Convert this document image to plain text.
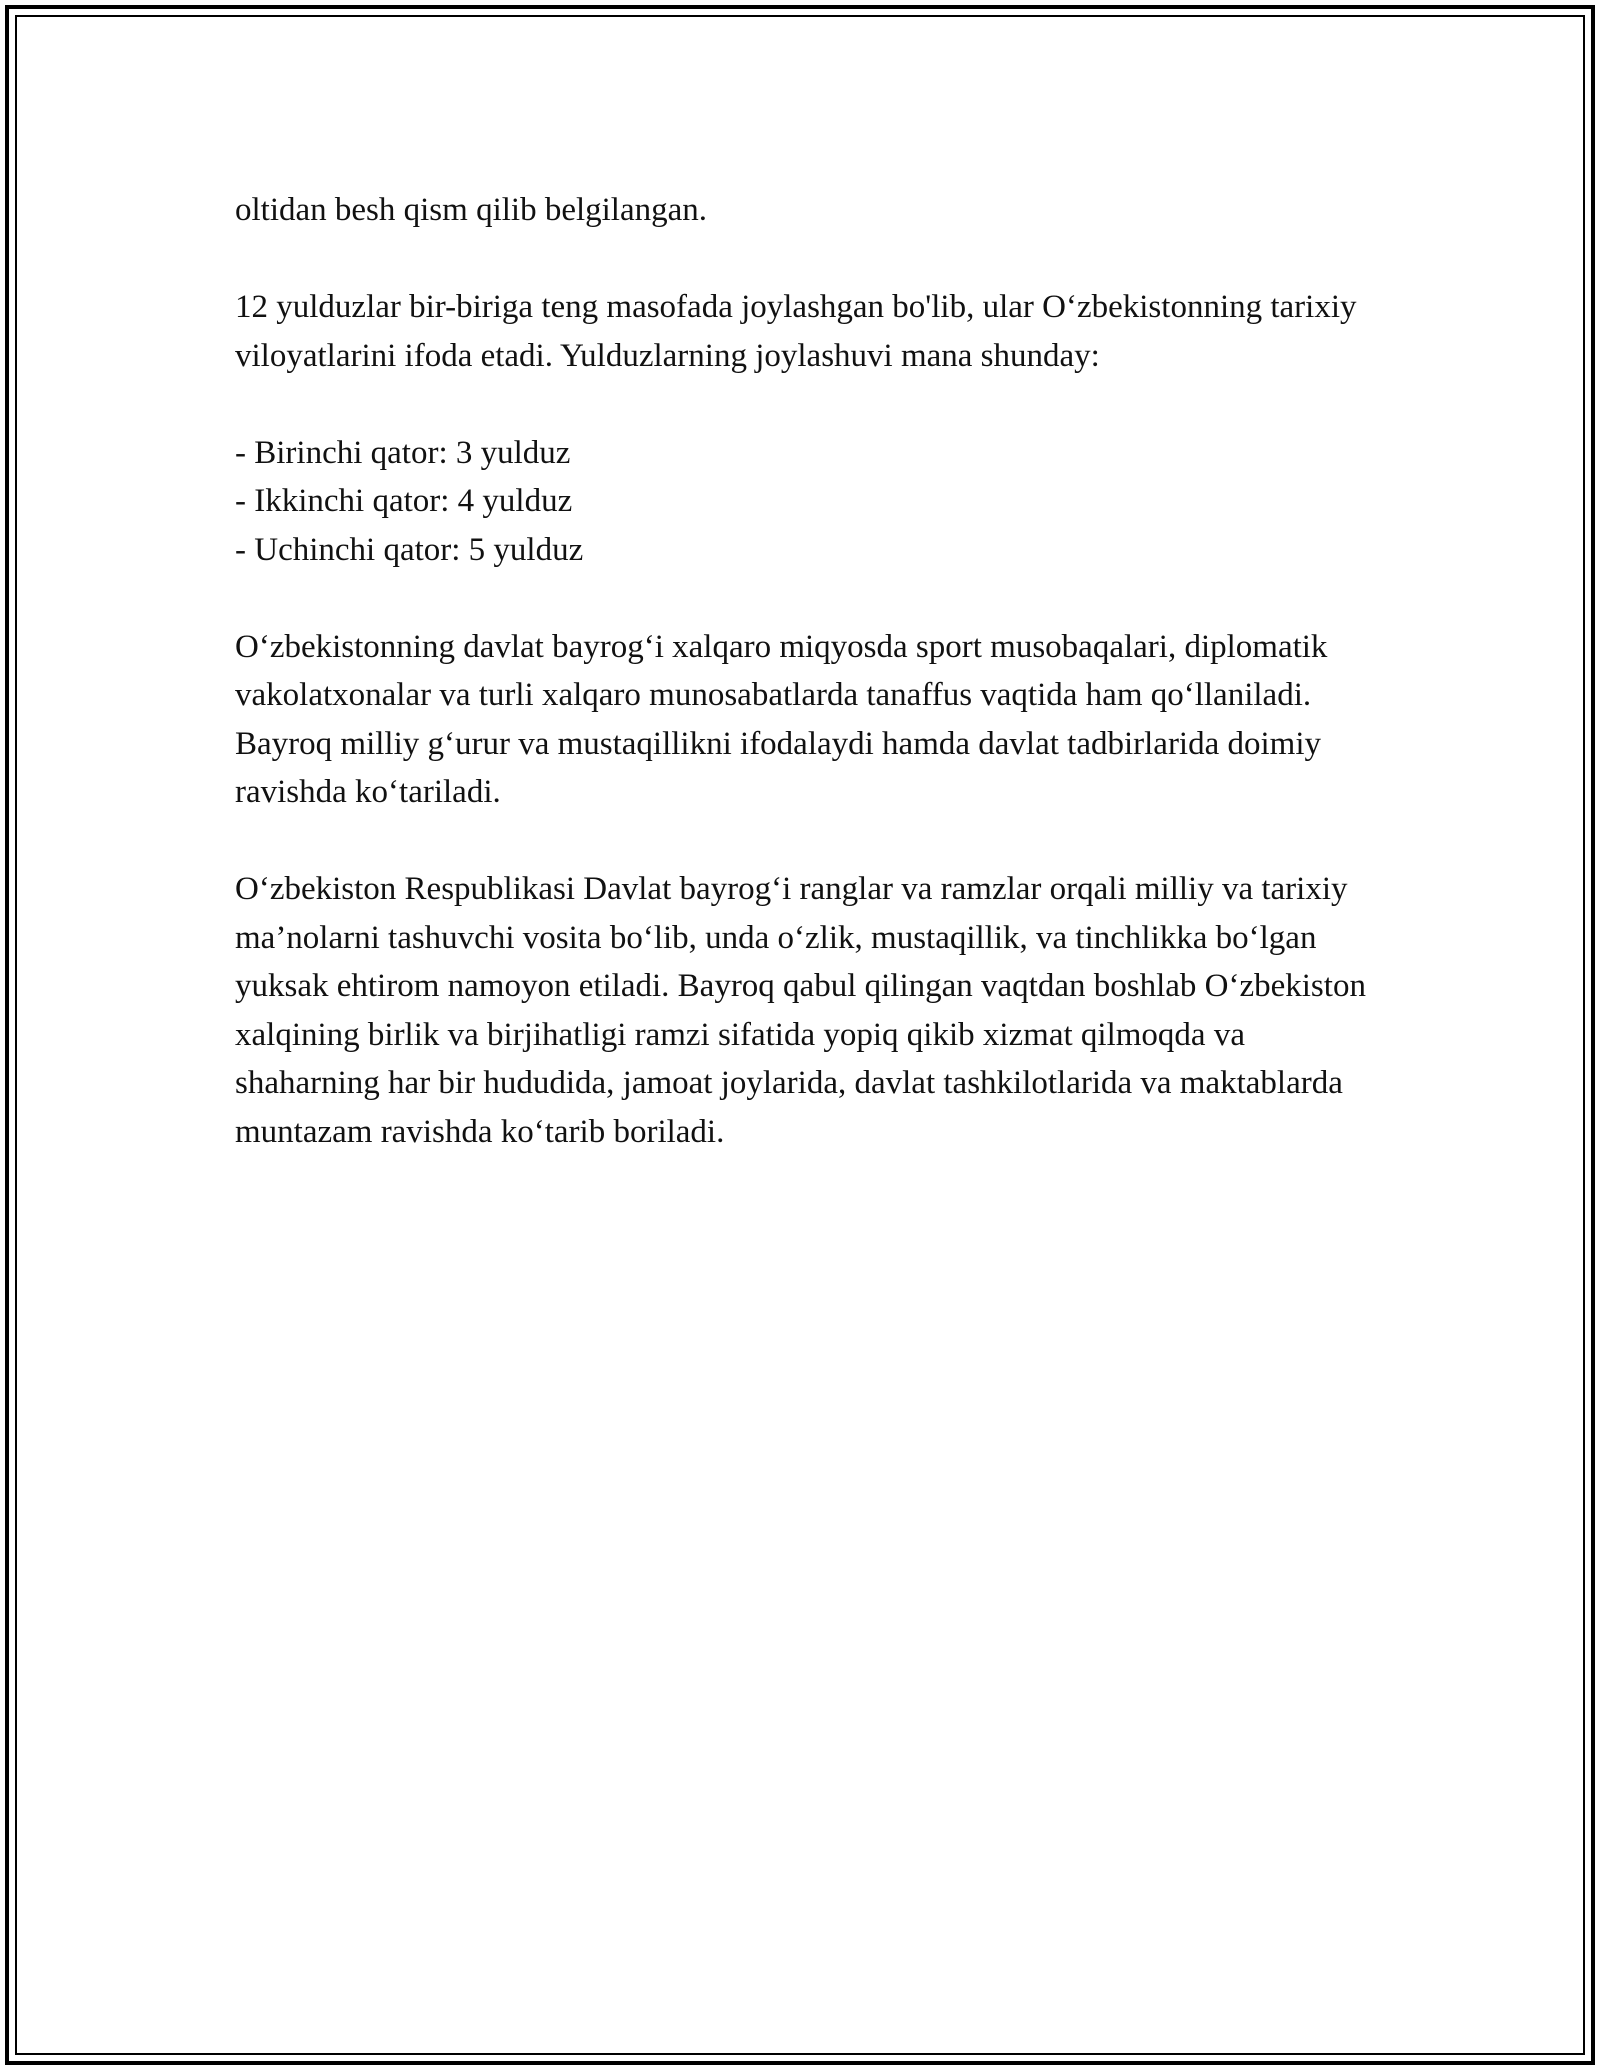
oltidan besh qism qilib belgilangan.

12 yulduzlar bir-biriga teng masofada joylashgan bo'lib, ular O‘zbekistonning tarixiy viloyatlarini ifoda etadi. Yulduzlarning joylashuvi mana shunday:

- Birinchi qator: 3 yulduz
- Ikkinchi qator: 4 yulduz
- Uchinchi qator: 5 yulduz

O‘zbekistonning davlat bayrog‘i xalqaro miqyosda sport musobaqalari, diplomatik vakolatxonalar va turli xalqaro munosabatlarda tanaffus vaqtida ham qo‘llaniladi. Bayroq milliy g‘urur va mustaqillikni ifodalaydi hamda davlat tadbirlarida doimiy ravishda ko‘tariladi.

O‘zbekiston Respublikasi Davlat bayrog‘i ranglar va ramzlar orqali milliy va tarixiy ma’nolarni tashuvchi vosita bo‘lib, unda o‘zlik, mustaqillik, va tinchlikka bo‘lgan yuksak ehtirom namoyon etiladi. Bayroq qabul qilingan vaqtdan boshlab O‘zbekiston xalqining birlik va birjihatligi ramzi sifatida yopiq qikib xizmat qilmoqda va shaharning har bir hududida, jamoat joylarida, davlat tashkilotlarida va maktablarda muntazam ravishda ko‘tarib boriladi.
